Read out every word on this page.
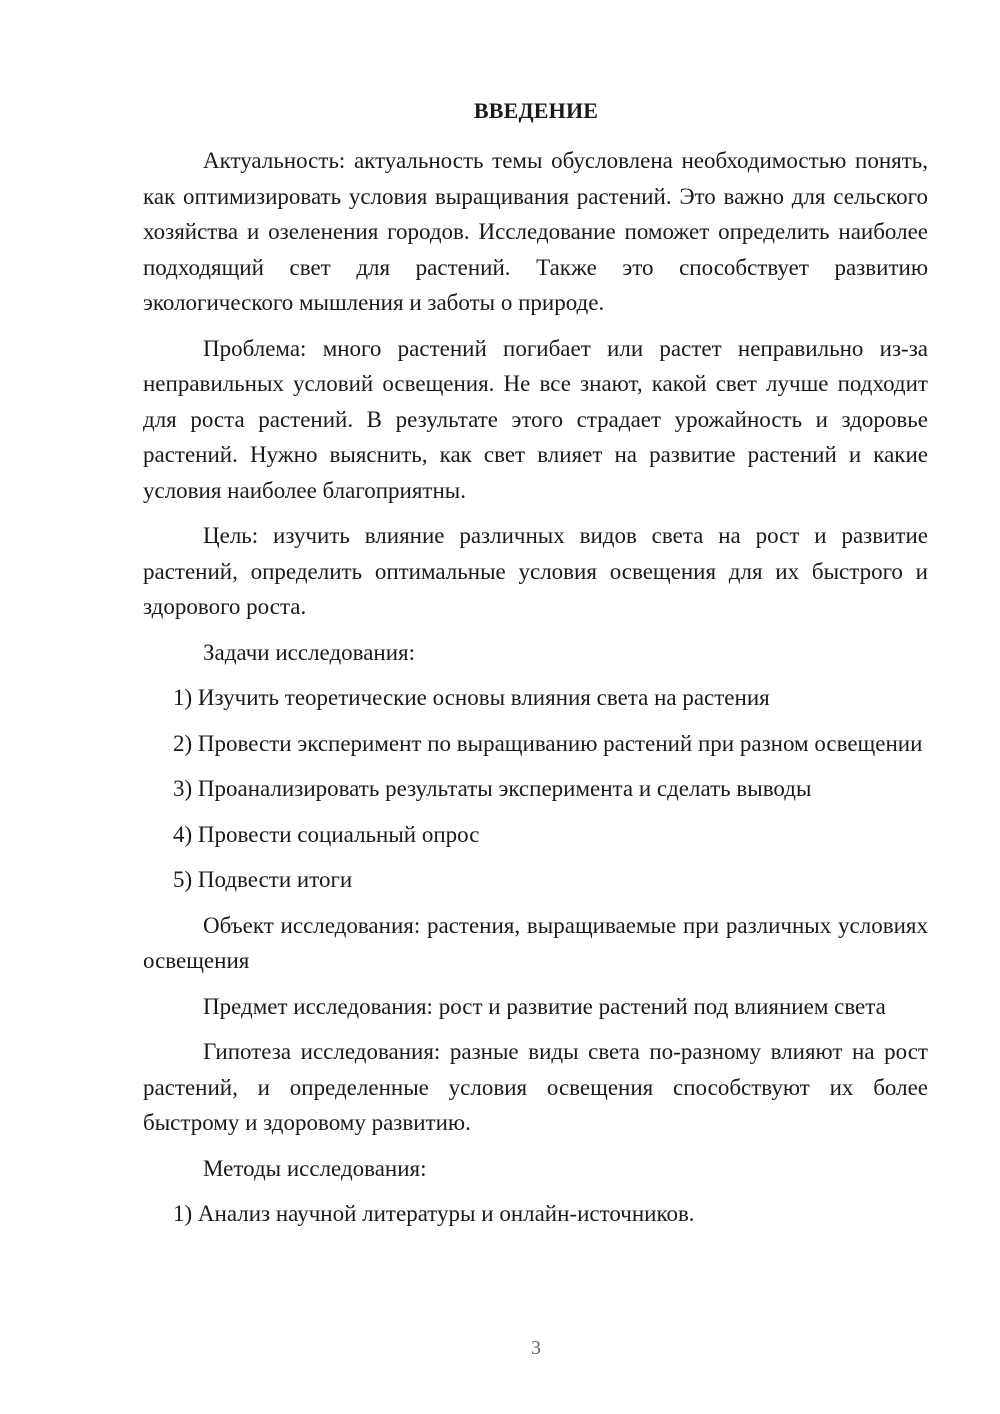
ВВЕДЕНИЕ

Актуальность: актуальность темы обусловлена необходимостью понять, как оптимизировать условия выращивания растений. Это важно для сельского хозяйства и озеленения городов. Исследование поможет определить наиболее подходящий свет для растений. Также это способствует развитию экологического мышления и заботы о природе.

Проблема: много растений погибает или растет неправильно из-за неправильных условий освещения. Не все знают, какой свет лучше подходит для роста растений. В результате этого страдает урожайность и здоровье растений. Нужно выяснить, как свет влияет на развитие растений и какие условия наиболее благоприятны.

Цель: изучить влияние различных видов света на рост и развитие растений, определить оптимальные условия освещения для их быстрого и здорового роста.

Задачи исследования:

1) Изучить теоретические основы влияния света на растения

2) Провести эксперимент по выращиванию растений при разном освещении

3) Проанализировать результаты эксперимента и сделать выводы

4) Провести социальный опрос

5) Подвести итоги

Объект исследования: растения, выращиваемые при различных условиях освещения

Предмет исследования: рост и развитие растений под влиянием света

Гипотеза исследования: разные виды света по-разному влияют на рост растений, и определенные условия освещения способствуют их более быстрому и здоровому развитию.

Методы исследования:

1) Анализ научной литературы и онлайн-источников.

3
